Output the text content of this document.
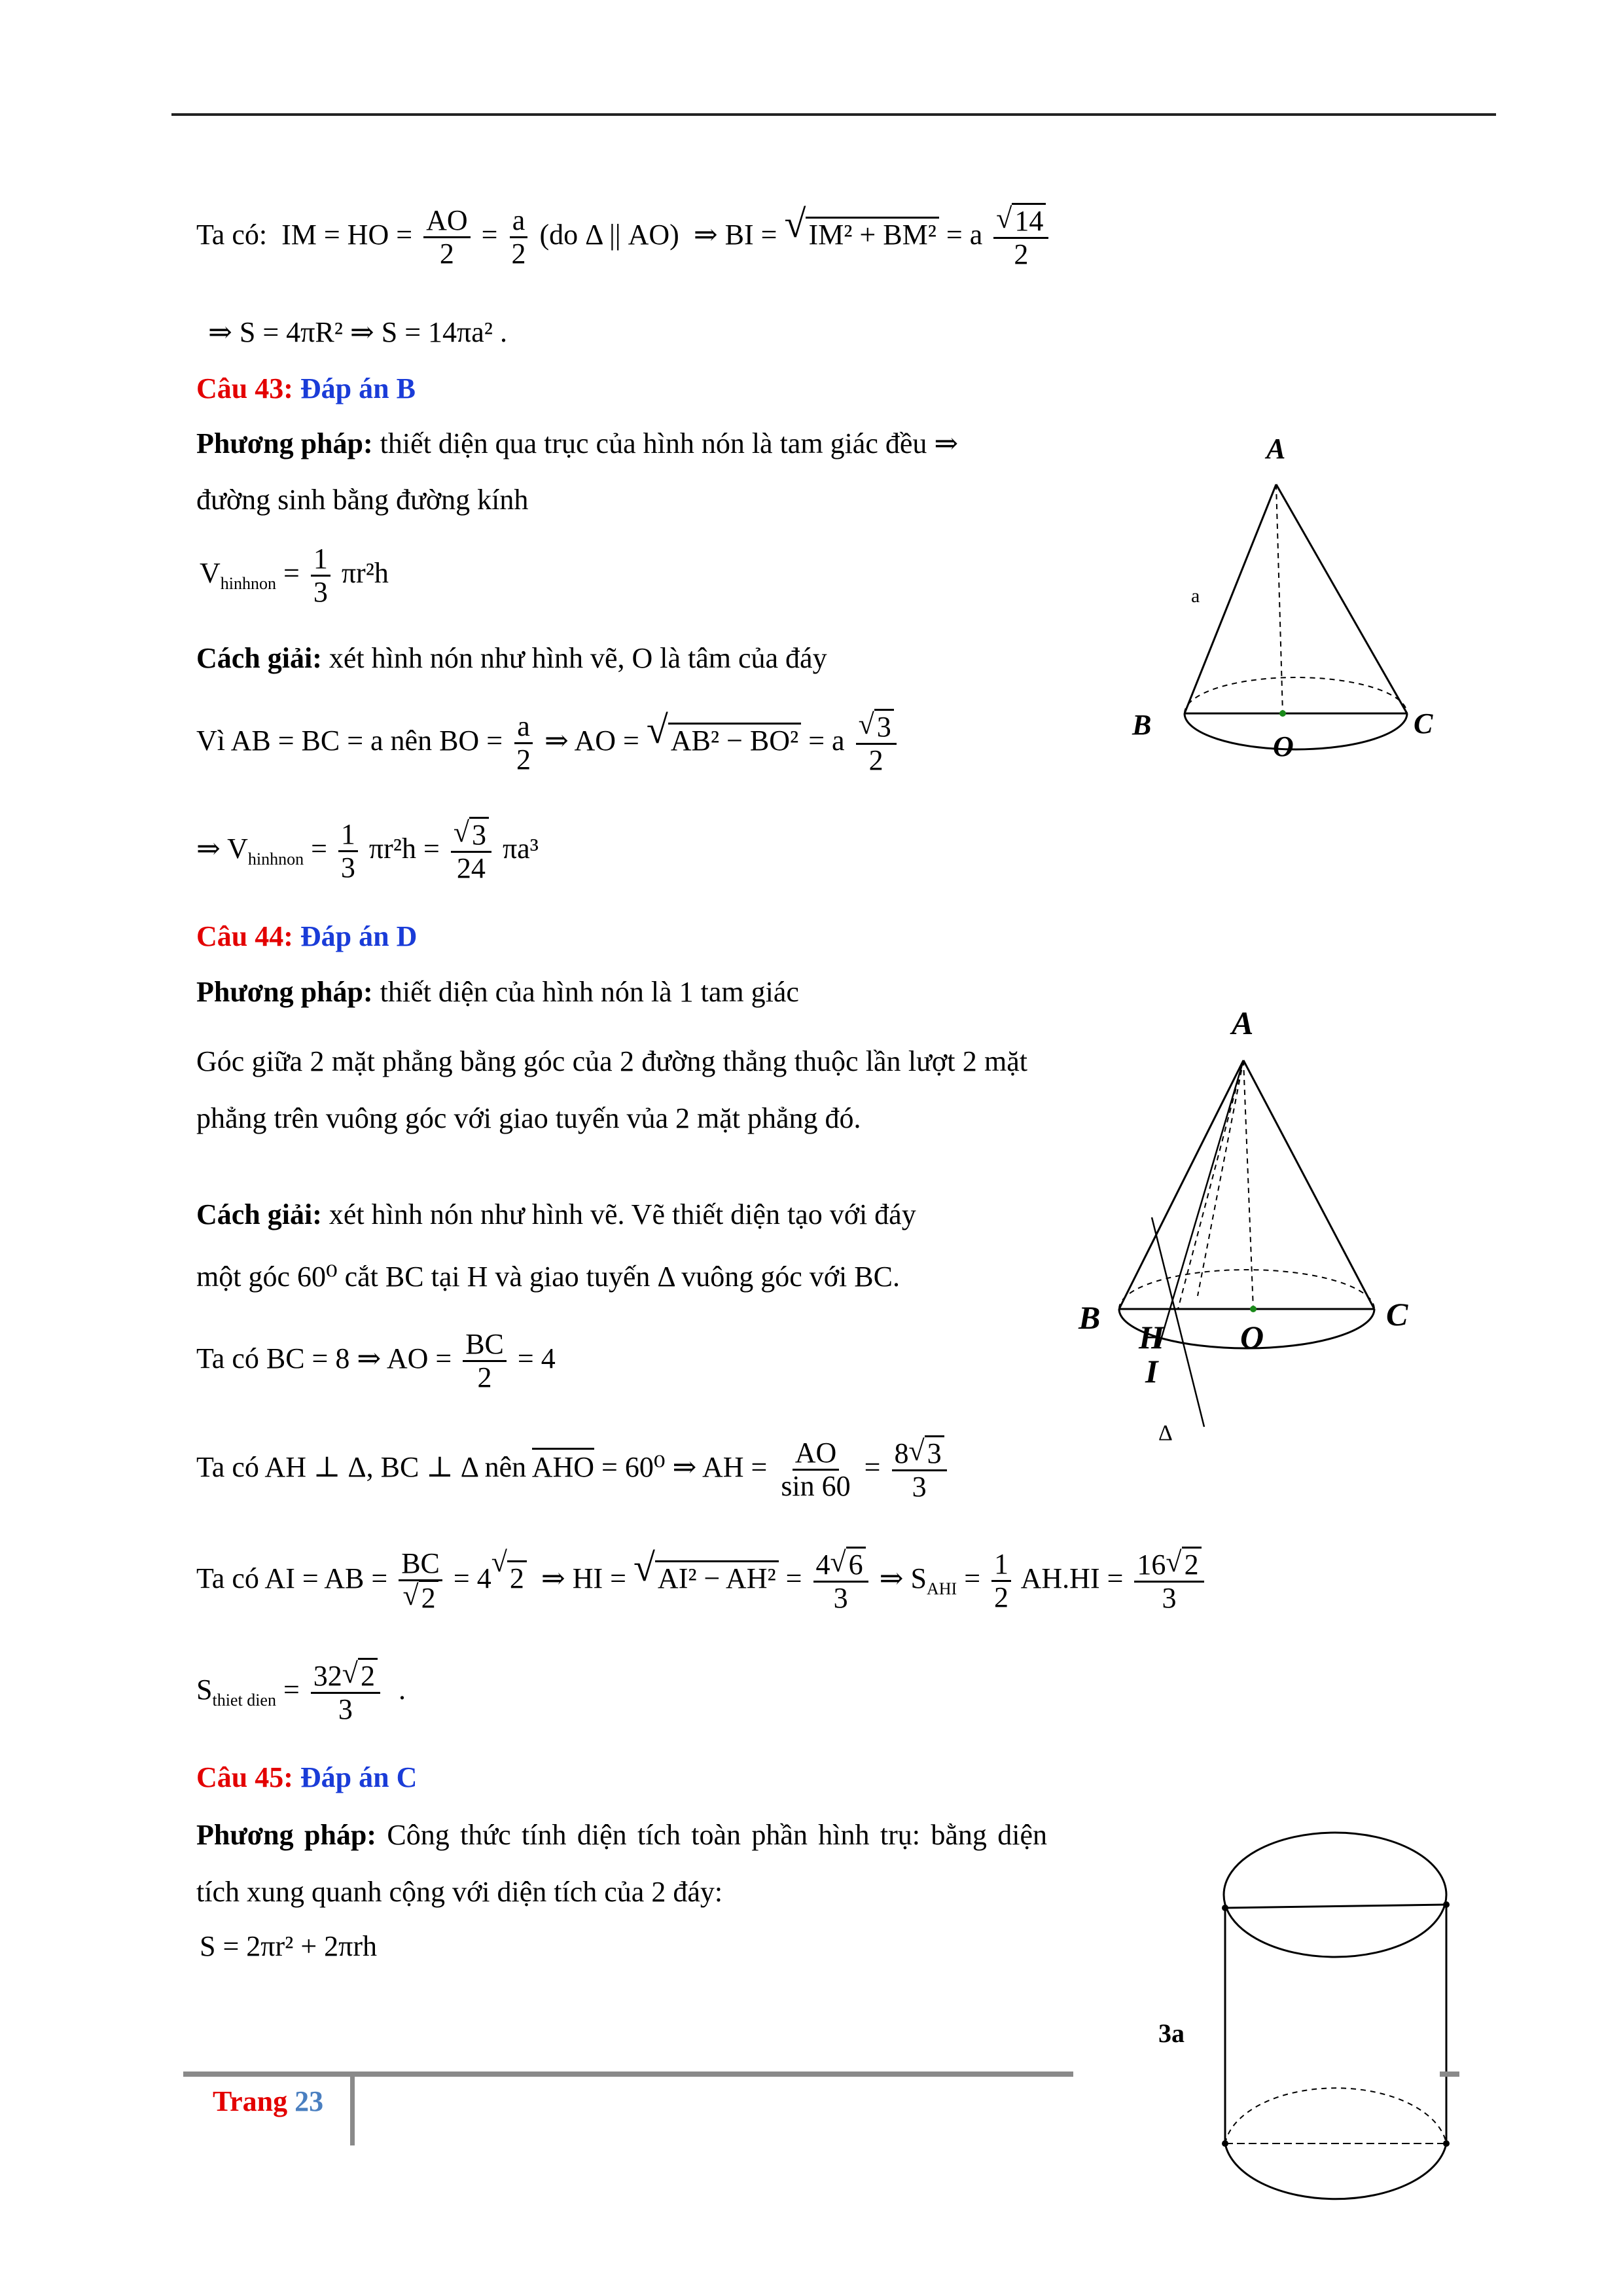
Ta có: IM = HO = $\frac{AO}{2} = \frac{a}{2} (do$ Δ || AO)  ⇒ BI = √IM² + BM² = a $\frac{√14}{2}$
⇒ S = 4πR² ⇒ S = 14πa² .
Câu 43: Đáp án B
Phương pháp: thiết diện qua trục của hình nón là tam giác đều ⇒
đường sinh bằng đường kính
$V_{hinhnon} = \frac{1}{3} \pi r^2h$
Cách giải: xét hình nón như hình vẽ, O là tâm của đáy
Vì AB = BC = a nên BO = $\frac{a}{2}$ ⇒ AO = √AB² − BO² = a $\frac{√3}{2}$
⇒ $V_{hinhnon} = \frac{1}{3} \pi r^2h = \frac{√3}{24} \pi a^3$
Câu 44: Đáp án D
Phương pháp: thiết diện của hình nón là 1 tam giác
Góc giữa 2 mặt phẳng bằng góc của 2 đường thẳng thuộc lần lượt 2 mặt phẳng trên vuông góc với giao tuyến vủa 2 mặt phẳng đó.
Cách giải: xét hình nón như hình vẽ. Vẽ thiết diện tạo với đáy
một góc 60⁰ cắt BC tại H và giao tuyến Δ vuông góc với BC.
Ta có BC = 8 ⇒ AO = $\frac{BC}{2} = 4$
Ta có AH ⊥ Δ, BC ⊥ Δ nên AHO = 60⁰ ⇒ AH = $\frac{AO}{\sin 60} = \frac{8√3}{3}$
Ta có AI = AB = $\frac{BC}{√2} = 4√2$ ⇒ HI = $√AI^2 - AH^2 = \frac{4√6}{3}$ ⇒ $S_{AHI} = \frac{1}{2} AH.HI = \frac{16√2}{3}$
$S_{thiet dien} = \frac{32√2}{3}$ .
Câu 45: Đáp án C
Phương pháp: Công thức tính diện tích toàn phần hình trụ: bằng diện tích xung quanh cộng với diện tích của 2 đáy:
S = 2πr² + 2πrh
A
B	C
O
a
A
B	C
O
H
I
Δ
3a
Trang 23
